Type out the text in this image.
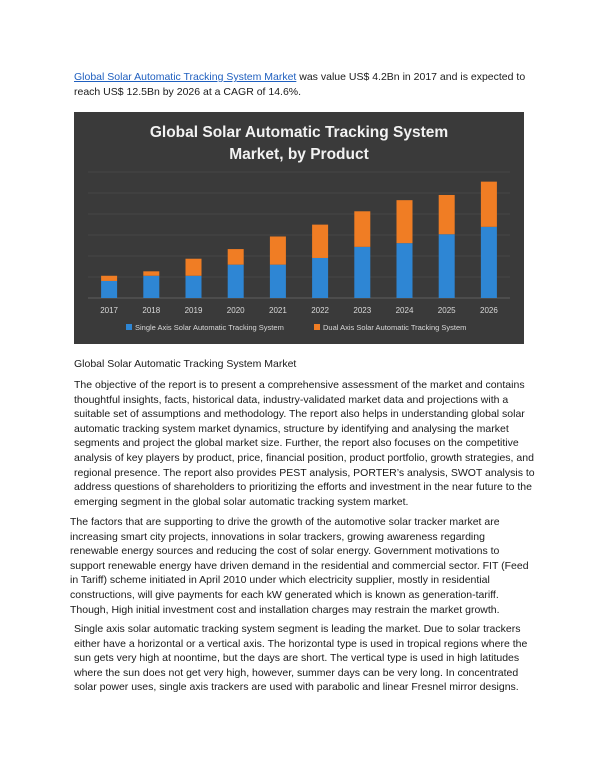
Global Solar Automatic Tracking System Market was value US$ 4.2Bn in 2017 and is expected to reach US$ 12.5Bn by 2026 at a CAGR of 14.6%.

Global Solar Automatic Tracking System
Market, by Product
2017	2018	2019	2020	2021	2022	2023	2024	2025	2026
Single Axis Solar Automatic Tracking System	Dual Axis Solar Automatic Tracking System

Global Solar Automatic Tracking System Market

The objective of the report is to present a comprehensive assessment of the market and contains thoughtful insights, facts, historical data, industry-validated market data and projections with a suitable set of assumptions and methodology. The report also helps in understanding global solar automatic tracking system market dynamics, structure by identifying and analysing the market segments and project the global market size. Further, the report also focuses on the competitive analysis of key players by product, price, financial position, product portfolio, growth strategies, and regional presence. The report also provides PEST analysis, PORTER’s analysis, SWOT analysis to address questions of shareholders to prioritizing the efforts and investment in the near future to the emerging segment in the global solar automatic tracking system market.

The factors that are supporting to drive the growth of the automotive solar tracker market are increasing smart city projects, innovations in solar trackers, growing awareness regarding renewable energy sources and reducing the cost of solar energy. Government motivations to support renewable energy have driven demand in the residential and commercial sector. FIT (Feed in Tariff) scheme initiated in April 2010 under which electricity supplier, mostly in residential constructions, will give payments for each kW generated which is known as generation-tariff. Though, High initial investment cost and installation charges may restrain the market growth.

Single axis solar automatic tracking system segment is leading the market. Due to solar trackers either have a horizontal or a vertical axis. The horizontal type is used in tropical regions where the sun gets very high at noontime, but the days are short. The vertical type is used in high latitudes where the sun does not get very high, however, summer days can be very long. In concentrated solar power uses, single axis trackers are used with parabolic and linear Fresnel mirror designs.
